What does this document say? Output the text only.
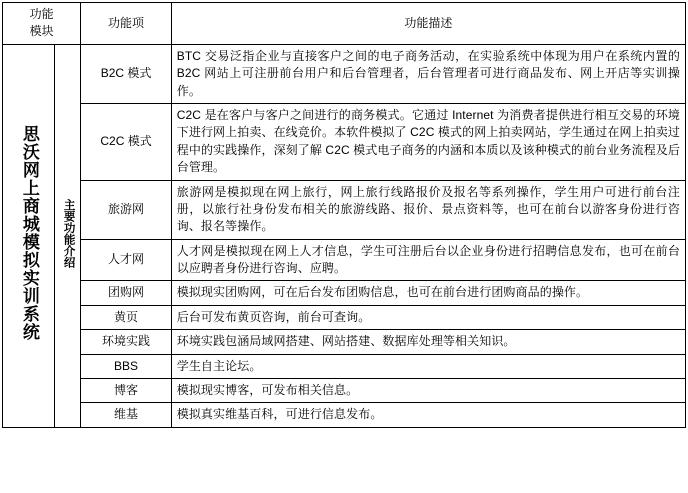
功能
模块		功能项	功能描述
思沃网上商城模拟实训系统	主要功能介绍	B2C 模式	BTC 交易泛指企业与直接客户之间的电子商务活动，在实验系统中体现为用户在系统内置的 B2C 网站上可注册前台用户和后台管理者，后台管理者可进行商品发布、网上开店等实训操作。
		C2C 模式	C2C 是在客户与客户之间进行的商务模式。它通过 Internet 为消费者提供进行相互交易的环境下进行网上拍卖、在线竞价。本软件模拟了 C2C 模式的网上拍卖网站，学生通过在网上拍卖过程中的实践操作，深刻了解 C2C 模式电子商务的内涵和本质以及该种模式的前台业务流程及后台管理。
		旅游网	旅游网是模拟现在网上旅行，网上旅行线路报价及报名等系列操作，学生用户可进行前台注册，以旅行社身份发布相关的旅游线路、报价、景点资料等，也可在前台以游客身份进行咨询、报名等操作。
		人才网	人才网是模拟现在网上人才信息，学生可注册后台以企业身份进行招聘信息发布，也可在前台以应聘者身份进行咨询、应聘。
		团购网	模拟现实团购网，可在后台发布团购信息，也可在前台进行团购商品的操作。
		黄页	后台可发布黄页咨询，前台可查询。
		环境实践	环境实践包涵局域网搭建、网站搭建、数据库处理等相关知识。
		BBS	学生自主论坛。
		博客	模拟现实博客，可发布相关信息。
		维基	模拟真实维基百科，可进行信息发布。
